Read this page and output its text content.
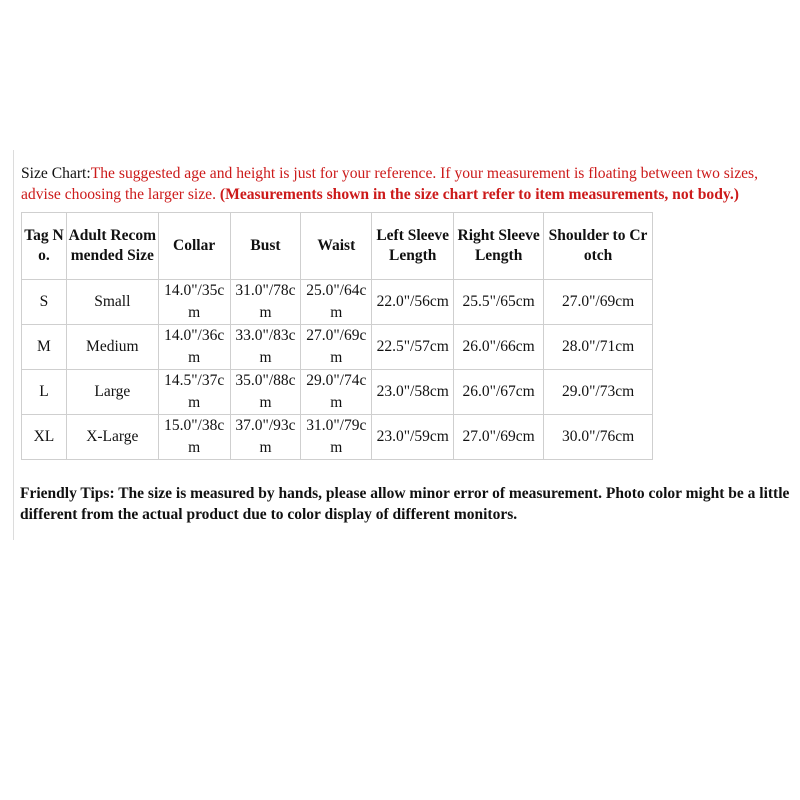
Size Chart:The suggested age and height is just for your reference. If your measurement is floating between two sizes, advise choosing the larger size. (Measurements shown in the size chart refer to item measurements, not body.)
Tag No.	Adult Recommended Size	Collar	Bust	Waist	Left Sleeve Length	Right Sleeve Length	Shoulder to Crotch
S	Small	14.0"/35cm	31.0"/78cm	25.0"/64cm	22.0"/56cm	25.5"/65cm	27.0"/69cm
M	Medium	14.0"/36cm	33.0"/83cm	27.0"/69cm	22.5"/57cm	26.0"/66cm	28.0"/71cm
L	Large	14.5"/37cm	35.0"/88cm	29.0"/74cm	23.0"/58cm	26.0"/67cm	29.0"/73cm
XL	X-Large	15.0"/38cm	37.0"/93cm	31.0"/79cm	23.0"/59cm	27.0"/69cm	30.0"/76cm
Friendly Tips: The size is measured by hands, please allow minor error of measurement. Photo color might be a little different from the actual product due to color display of different monitors.
